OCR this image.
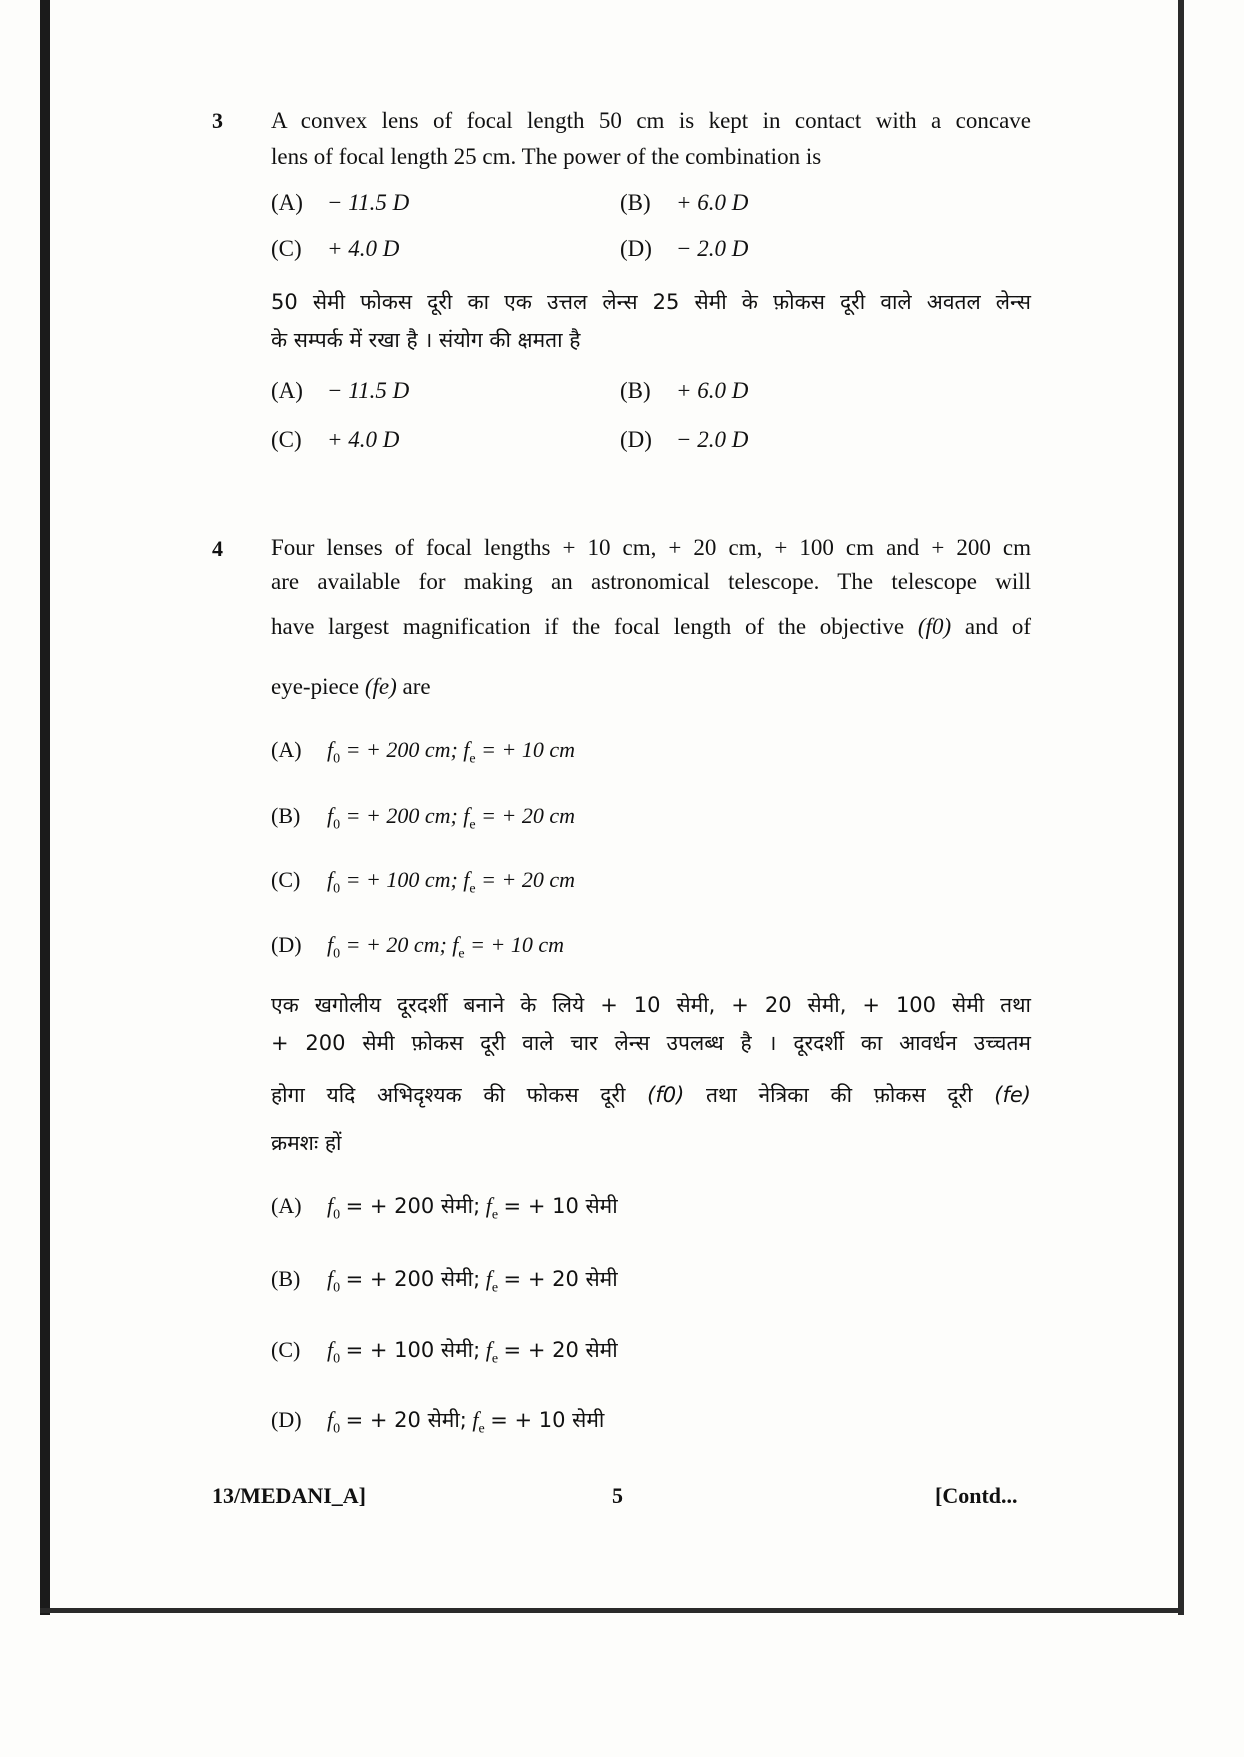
3 A convex lens of focal length 50 cm is kept in contact with a concave
lens of focal length 25 cm. The power of the combination is
(A) − 11.5 D	(B) + 6.0 D
(C) + 4.0 D	(D) − 2.0 D
50 सेमी फोकस दूरी का एक उत्तल लेन्स 25 सेमी के फ़ोकस दूरी वाले अवतल लेन्स
के सम्पर्क में रखा है । संयोग की क्षमता है
(A) − 11.5 D	(B) + 6.0 D
(C) + 4.0 D	(D) − 2.0 D
4 Four lenses of focal lengths + 10 cm, + 20 cm, + 100 cm and + 200 cm
are available for making an astronomical telescope. The telescope will
have largest magnification if the focal length of the objective (f0) and of
eye-piece (fe) are
(A) $f_0$ = + 200 cm; $f_e$ = + 10 cm
(B) $f_0$ = + 200 cm; $f_e$ = + 20 cm
(C) $f_0$ = + 100 cm; $f_e$ = + 20 cm
(D) $f_0$ = + 20 cm; $f_e$ = + 10 cm
एक खगोलीय दूरदर्शी बनाने के लिये + 10 सेमी, + 20 सेमी, + 100 सेमी तथा
+ 200 सेमी फ़ोकस दूरी वाले चार लेन्स उपलब्ध है । दूरदर्शी का आवर्धन उच्चतम
होगा यदि अभिदृश्यक की फोकस दूरी (f0) तथा नेत्रिका की फ़ोकस दूरी (fe)
क्रमशः हों
(A) $f_0$ = + 200 सेमी; $f_e$ = + 10 सेमी
(B) $f_0$ = + 200 सेमी; $f_e$ = + 20 सेमी
(C) $f_0$ = + 100 सेमी; $f_e$ = + 20 सेमी
(D) $f_0$ = + 20 सेमी; $f_e$ = + 10 सेमी
13/MEDANI_A]	5	[Contd...
